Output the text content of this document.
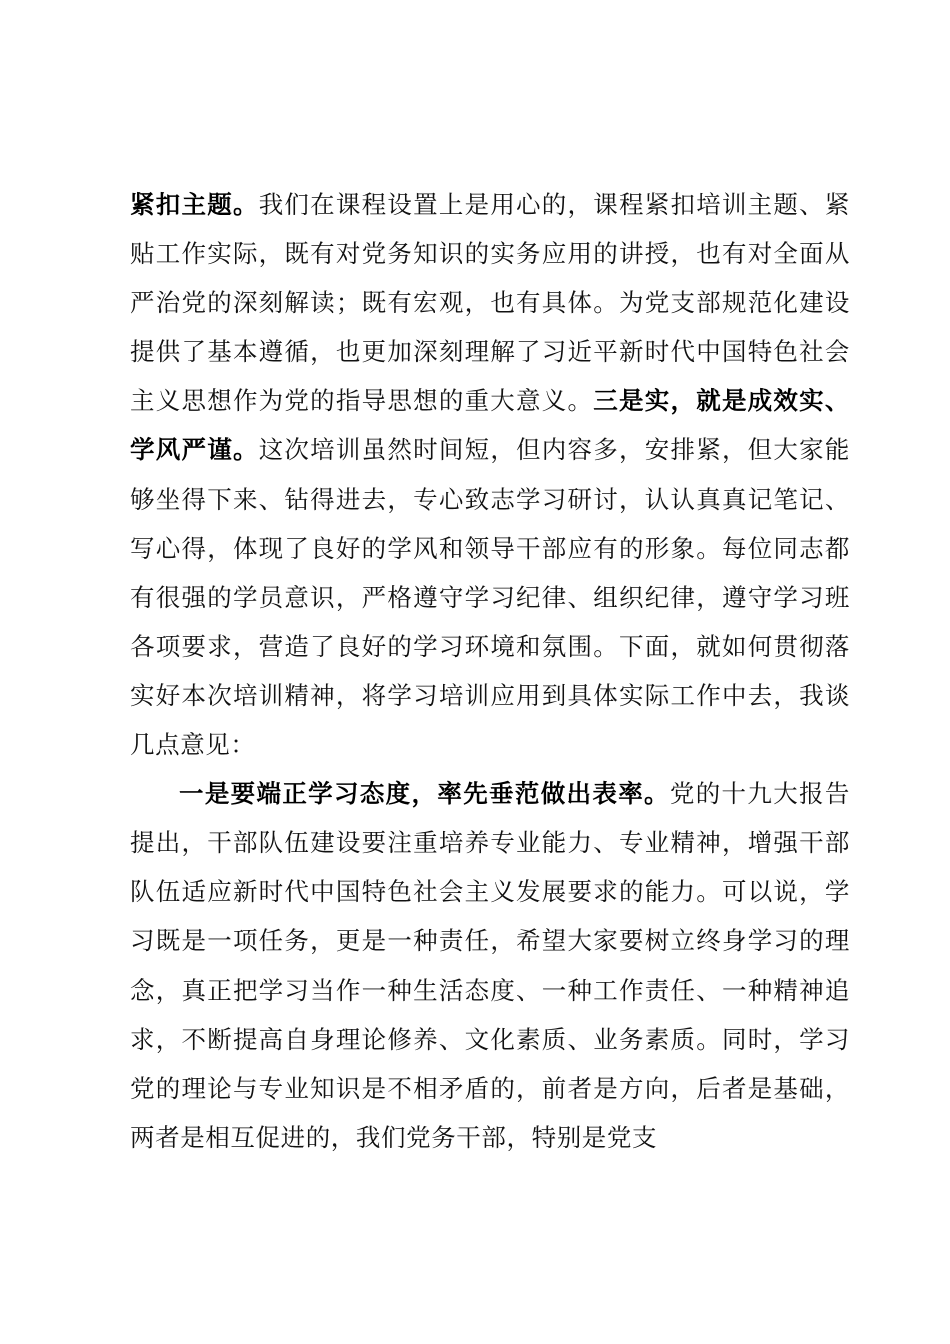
紧扣主题。我们在课程设置上是用心的，课程紧扣培训主题、紧贴工作实际，既有对党务知识的实务应用的讲授，也有对全面从严治党的深刻解读；既有宏观，也有具体。为党支部规范化建设提供了基本遵循，也更加深刻理解了习近平新时代中国特色社会主义思想作为党的指导思想的重大意义。三是实，就是成效实、学风严谨。这次培训虽然时间短，但内容多，安排紧，但大家能够坐得下来、钻得进去，专心致志学习研讨，认认真真记笔记、写心得，体现了良好的学风和领导干部应有的形象。每位同志都有很强的学员意识，严格遵守学习纪律、组织纪律，遵守学习班各项要求，营造了良好的学习环境和氛围。下面，就如何贯彻落实好本次培训精神，将学习培训应用到具体实际工作中去，我谈几点意见：

一是要端正学习态度，率先垂范做出表率。党的十九大报告提出，干部队伍建设要注重培养专业能力、专业精神，增强干部队伍适应新时代中国特色社会主义发展要求的能力。可以说，学习既是一项任务，更是一种责任，希望大家要树立终身学习的理念，真正把学习当作一种生活态度、一种工作责任、一种精神追求，不断提高自身理论修养、文化素质、业务素质。同时，学习党的理论与专业知识是不相矛盾的，前者是方向，后者是基础，两者是相互促进的，我们党务干部，特别是党支
